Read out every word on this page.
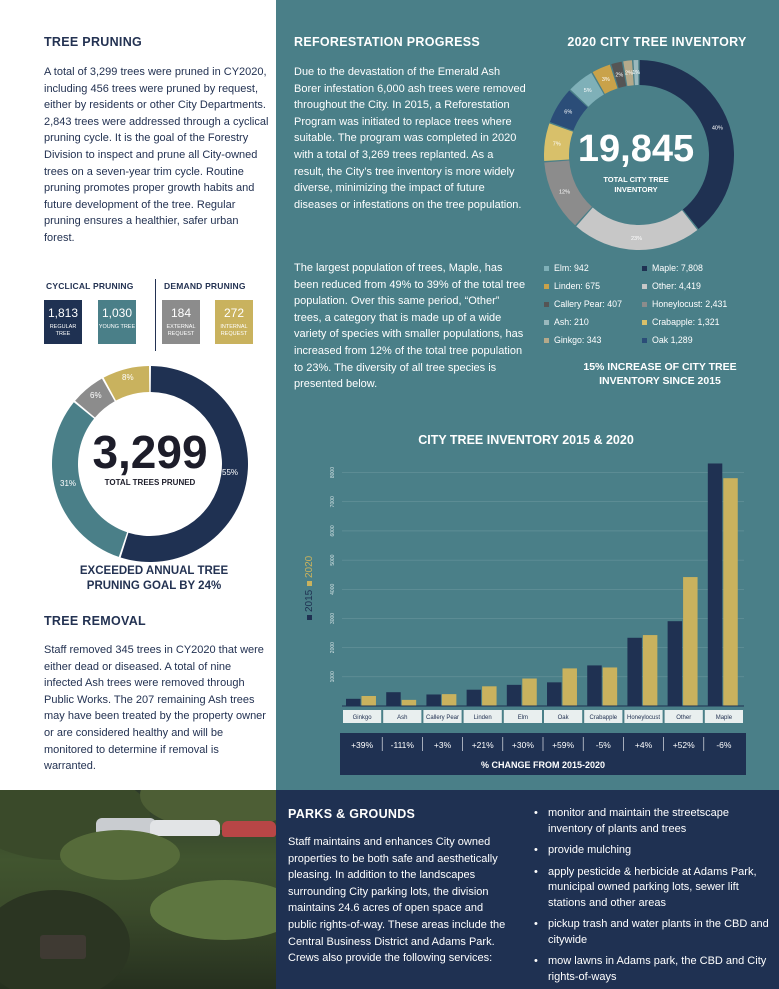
TREE PRUNING

A total of 3,299 trees were pruned in CY2020, including 456 trees were pruned by request, either by residents or other City Departments. 2,843 trees were addressed through a cyclical pruning cycle. It is the goal of the Forestry Division to inspect and prune all City-owned trees on a seven-year trim cycle. Routine pruning promotes proper growth habits and future development of the tree. Regular pruning ensures a healthier, safer urban forest.

CYCLICAL PRUNING	DEMAND PRUNING
1,813
REGULAR TREE
1,030
YOUNG TREE
184
EXTERNAL REQUEST
272
INTERNAL REQUEST
3,299
TOTAL TREES PRUNED
55%
31%
6%
8%
EXCEEDED ANNUAL TREE
PRUNING GOAL BY 24%
TREE REMOVAL

Staff removed 345 trees in CY2020 that were either dead or diseased. A total of nine infected Ash trees were removed through Public Works. The 207 remaining Ash trees may have been treated by the property owner or are considered healthy and will be monitored to determine if removal is warranted.

REFORESTATION PROGRESS

Due to the devastation of the Emerald Ash Borer infestation 6,000 ash trees were removed throughout the City. In 2015, a Reforestation Program was initiated to replace trees where suitable. The program was completed in 2020 with a total of 3,269 trees replanted. As a result, the City’s tree inventory is more widely diverse, minimizing the impact of future diseases or infestations on the tree population.

The largest population of trees, Maple, has been reduced from 49% to 39% of the total tree population. Over this same period, “Other” trees, a category that is made up of a wide variety of species with smaller populations, has increased from 12% of the total tree population to 23%. The diversity of all tree species is presented below.

2020 CITY TREE INVENTORY
40%
23%
12%
7%
6%
5%
3%
2% 2% 1%
19,845
TOTAL CITY TREE
INVENTORY
Elm: 942	Maple: 7,808
Linden: 675	Other: 4,419
Callery Pear: 407	Honeylocust: 2,431
Ash: 210	Crabapple: 1,321
Ginkgo: 343	Oak 1,289
15% INCREASE OF CITY TREE
INVENTORY SINCE 2015
CITY TREE INVENTORY 2015 & 2020
1000
2000
3000
4000
5000
6000
7000
8000
2015
2020
Ginkgo
+39%
Ash
-111%
Callery Pear
+3%
Linden
+21%
Elm
+30%
Oak
+59%
Crabapple
-5%
Honeylocust
+4%
Other
+52%
Maple
-6%
% CHANGE FROM 2015-2020
PARKS & GROUNDS

Staff maintains and enhances City owned properties to be both safe and aesthetically pleasing. In addition to the landscapes surrounding City parking lots, the division maintains 24.6 acres of open space and public rights-of-way. These areas include the Central Business District and Adams Park. Crews also provide the following services:

• monitor and maintain the streetscape inventory of plants and trees
• provide mulching
• apply pesticide & herbicide at Adams Park, municipal owned parking lots, sewer lift stations and other areas
• pickup trash and water plants in the CBD and citywide
• mow lawns in Adams park, the CBD and City rights-of-ways
